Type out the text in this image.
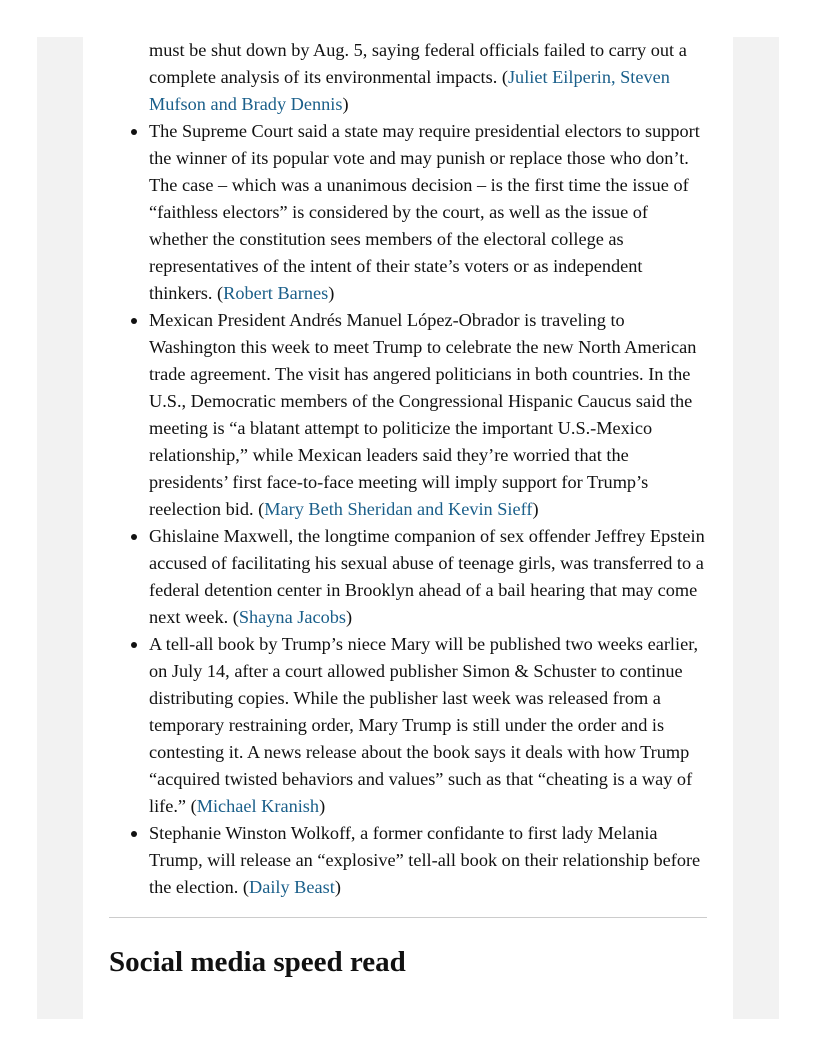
must be shut down by Aug. 5, saying federal officials failed to carry out a complete analysis of its environmental impacts. (Juliet Eilperin, Steven Mufson and Brady Dennis)
The Supreme Court said a state may require presidential electors to support the winner of its popular vote and may punish or replace those who don’t. The case – which was a unanimous decision – is the first time the issue of “faithless electors” is considered by the court, as well as the issue of whether the constitution sees members of the electoral college as representatives of the intent of their state’s voters or as independent thinkers. (Robert Barnes)
Mexican President Andrés Manuel López-Obrador is traveling to Washington this week to meet Trump to celebrate the new North American trade agreement. The visit has angered politicians in both countries. In the U.S., Democratic members of the Congressional Hispanic Caucus said the meeting is “a blatant attempt to politicize the important U.S.-Mexico relationship,” while Mexican leaders said they’re worried that the presidents’ first face-to-face meeting will imply support for Trump’s reelection bid. (Mary Beth Sheridan and Kevin Sieff)
Ghislaine Maxwell, the longtime companion of sex offender Jeffrey Epstein accused of facilitating his sexual abuse of teenage girls, was transferred to a federal detention center in Brooklyn ahead of a bail hearing that may come next week. (Shayna Jacobs)
A tell-all book by Trump’s niece Mary will be published two weeks earlier, on July 14, after a court allowed publisher Simon & Schuster to continue distributing copies. While the publisher last week was released from a temporary restraining order, Mary Trump is still under the order and is contesting it. A news release about the book says it deals with how Trump “acquired twisted behaviors and values” such as that “cheating is a way of life.” (Michael Kranish)
Stephanie Winston Wolkoff, a former confidante to first lady Melania Trump, will release an “explosive” tell-all book on their relationship before the election. (Daily Beast)
Social media speed read
